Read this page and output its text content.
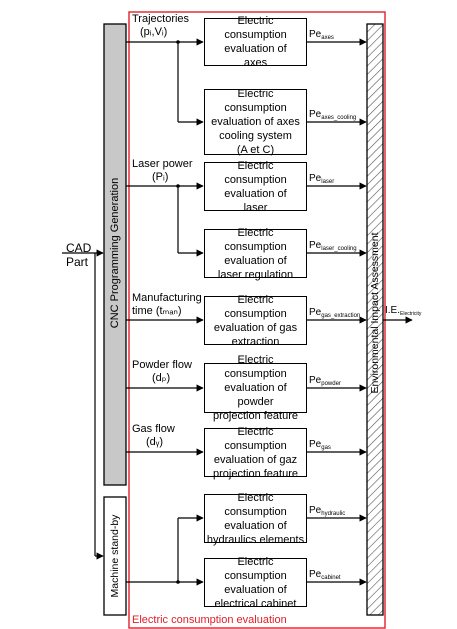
CAD
Part	CNC Programming Generation
Machine stand-by
Environmental Impact Assessment
Electric consumption evaluation
Trajectories
(pᵢ,Vᵢ)
Laser power
(Pᵢ)
Manufacturing
time (tₘₐₙ)
Powder flow
(dₚ)
Gas flow
(dᵧ)
Electric consumption
evaluation of
axes
Electric consumption
evaluation of axes
cooling system
(A et C)
Electric consumption
evaluation of
laser
Electric consumption
evaluation of
laser regulation
Electric consumption
evaluation of gas
extraction
Electric consumption
evaluation of powder
projection feature
Electric consumption
evaluation of gaz
projection feature
Electric consumption
evaluation of
hydraulics elements
Electric consumption
evaluation of
electrical cabinet
$Pe_{axes}$
$Pe_{axes\_cooling}$
$Pe_{laser}$
$Pe_{laser\_cooling}$
$Pe_{gas\_extraction}$
$Pe_{powder}$
$Pe_{gas}$
$Pe_{hydraulic}$
$Pe_{cabinet}$
$I.E._{Electricity}$
